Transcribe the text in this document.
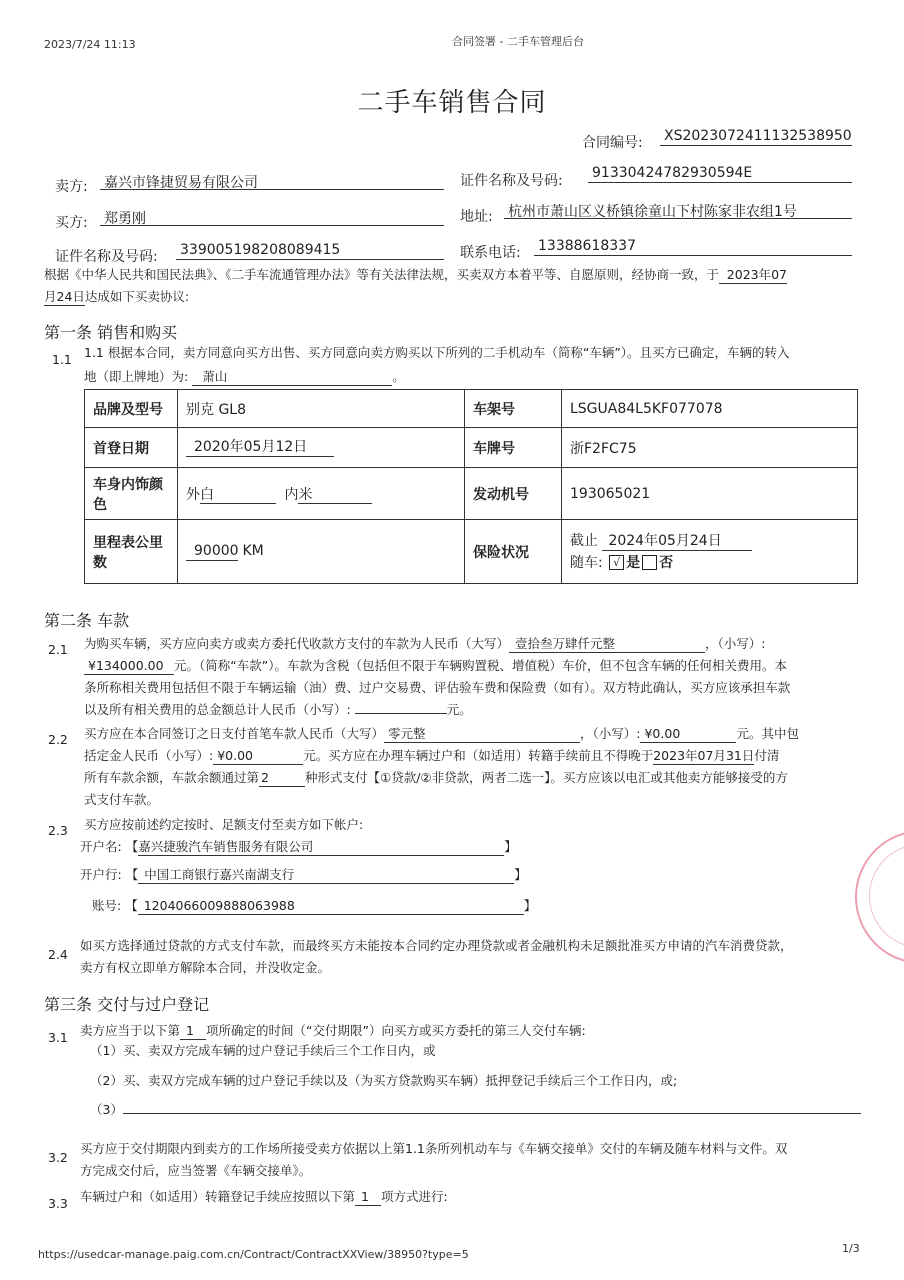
2023/7/24 11:13	合同签署 - 二手车管理后台
二手车销售合同
合同编号: XS2023072411132538950
卖方: 嘉兴市锋捷贸易有限公司	证件名称及号码: 91330424782930594E
买方: 郑勇刚	地址: 杭州市萧山区义桥镇徐童山下村陈家非农组1号
证件名称及号码: 339005198208089415	联系电话: 13388618337
根据《中华人民共和国民法典》、《二手车流通管理办法》等有关法律法规，买卖双方本着平等、自愿原则，经协商一致，于 2023年07
月24日达成如下买卖协议:
第一条 销售和购买
1.1 1.1 根据本合同，卖方同意向买方出售、买方同意向卖方购买以下所列的二手机动车（简称“车辆”）。且买方已确定，车辆的转入
地（即上牌地）为: 萧山	。
品牌及型号	别克 GL8	车架号	LSGUA84L5KF077078
首登日期	2020年05月12日	车牌号	浙F2FC75
车身内饰颜
色	外白 内米	发动机号	193065021
里程表公里
数	90000 KM	保险状况	截止 2024年05月24日
随车: √ 是 否
第二条 车款
2.1 为购买车辆，买方应向卖方或卖方委托代收款方支付的车款为人民币（大写） 壹拾叁万肆仟元整	，（小写）:
¥134000.00 元。（简称“车款”）。车款为含税（包括但不限于车辆购置税、增值税）车价，但不包含车辆的任何相关费用。本
条所称相关费用包括但不限于车辆运输（油）费、过户交易费、评估验车费和保险费（如有）。双方特此确认，买方应该承担车款
以及所有相关费用的总金额总计人民币（小写）:	元。
2.2 买方应在本合同签订之日支付首笔车款人民币（大写） 零元整	，（小写）: ¥0.00	元。其中包
括定金人民币（小写）: ¥0.00	元。买方应在办理车辆过户和（如适用）转籍手续前且不得晚于2023年07月31日付清
所有车款余额，车款余额通过第 2	种形式支付【①贷款/②非贷款，两者二选一】。买方应该以电汇或其他卖方能够接受的方
式支付车款。
2.3 买方应按前述约定按时、足额支付至卖方如下帐户:
开户名: 【嘉兴捷骏汽车销售服务有限公司	】
开户行: 【 中国工商银行嘉兴南湖支行	】
账号: 【 1204066009888063988	】
2.4
如买方选择通过贷款的方式支付车款，而最终买方未能按本合同约定办理贷款或者金融机构未足额批准买方申请的汽车消费贷款，
卖方有权立即单方解除本合同，并没收定金。
第三条 交付与过户登记
3.1 卖方应当于以下第 1 项所确定的时间（“交付期限”）向买方或买方委托的第三人交付车辆:
（1）买、卖双方完成车辆的过户登记手续后三个工作日内，或
（2）买、卖双方完成车辆的过户登记手续以及（为买方贷款购买车辆）抵押登记手续后三个工作日内，或;
（3）
3.2
买方应于交付期限内到卖方的工作场所接受卖方依据以上第1.1条所列机动车与《车辆交接单》交付的车辆及随车材料与文件。双
方完成交付后，应当签署《车辆交接单》。
3.3 车辆过户和（如适用）转籍登记手续应按照以下第 1 项方式进行:
https://usedcar-manage.paig.com.cn/Contract/ContractXXView/38950?type=5	1/3
